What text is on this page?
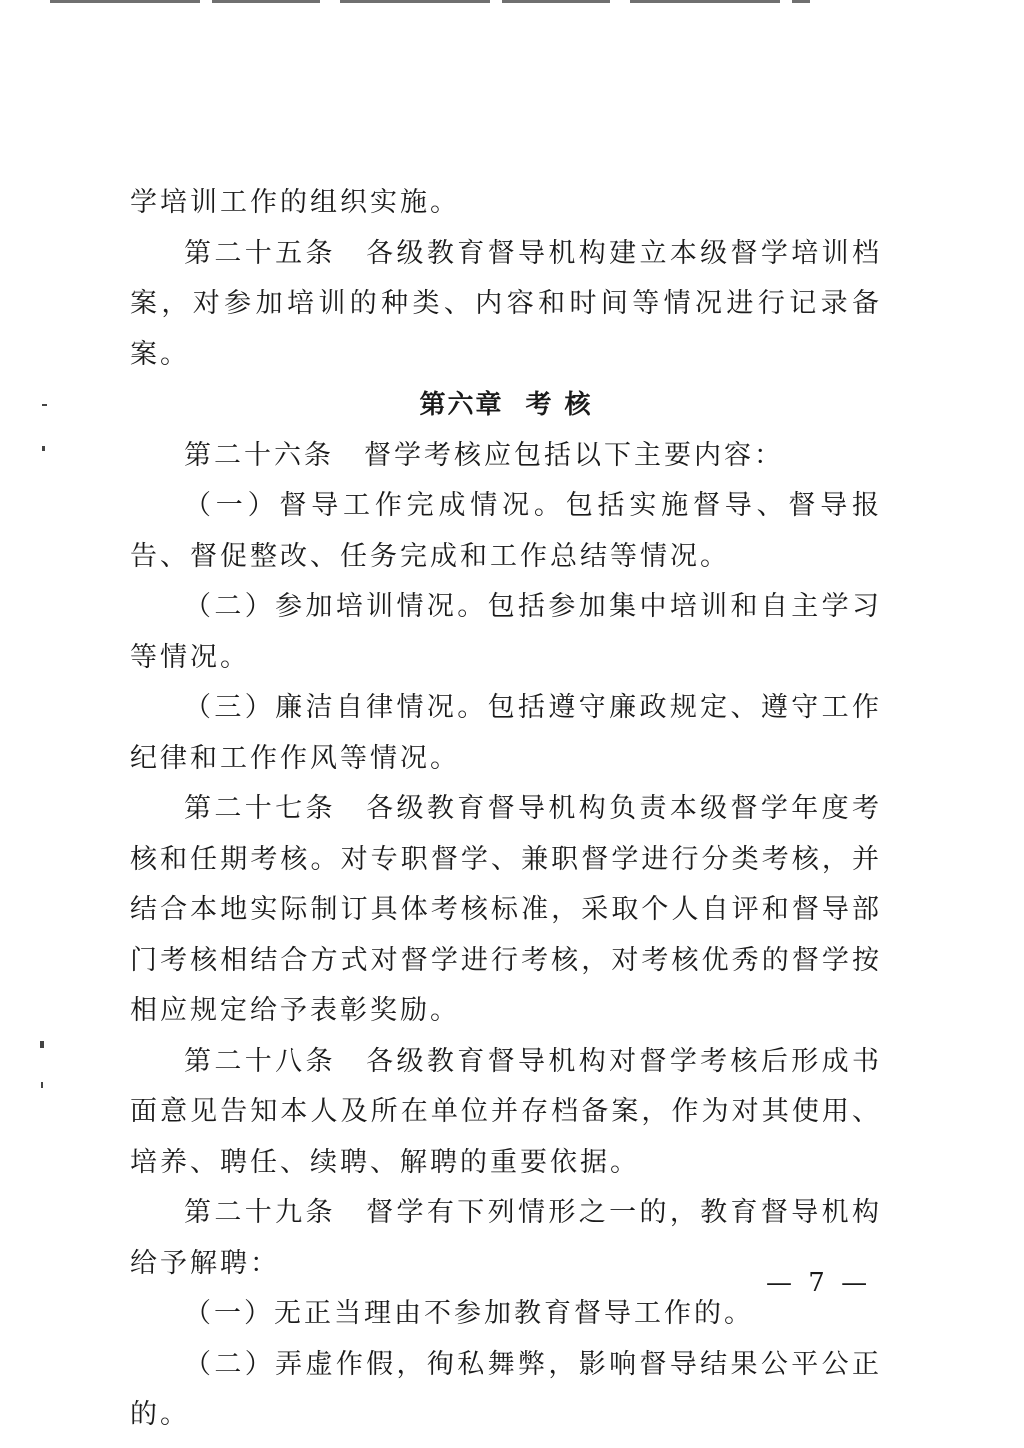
学培训工作的组织实施。

第二十五条　各级教育督导机构建立本级督学培训档案，对参加培训的种类、内容和时间等情况进行记录备案。

第六章 考 核

第二十六条　督学考核应包括以下主要内容：

（一）督导工作完成情况。包括实施督导、督导报告、督促整改、任务完成和工作总结等情况。

（二）参加培训情况。包括参加集中培训和自主学习等情况。

（三）廉洁自律情况。包括遵守廉政规定、遵守工作纪律和工作作风等情况。

第二十七条　各级教育督导机构负责本级督学年度考核和任期考核。对专职督学、兼职督学进行分类考核，并结合本地实际制订具体考核标准，采取个人自评和督导部门考核相结合方式对督学进行考核，对考核优秀的督学按相应规定给予表彰奖励。

第二十八条　各级教育督导机构对督学考核后形成书面意见告知本人及所在单位并存档备案，作为对其使用、培养、聘任、续聘、解聘的重要依据。

第二十九条　督学有下列情形之一的，教育督导机构给予解聘：

（一）无正当理由不参加教育督导工作的。

（二）弄虚作假，徇私舞弊，影响督导结果公平公正的。

— 7 —
